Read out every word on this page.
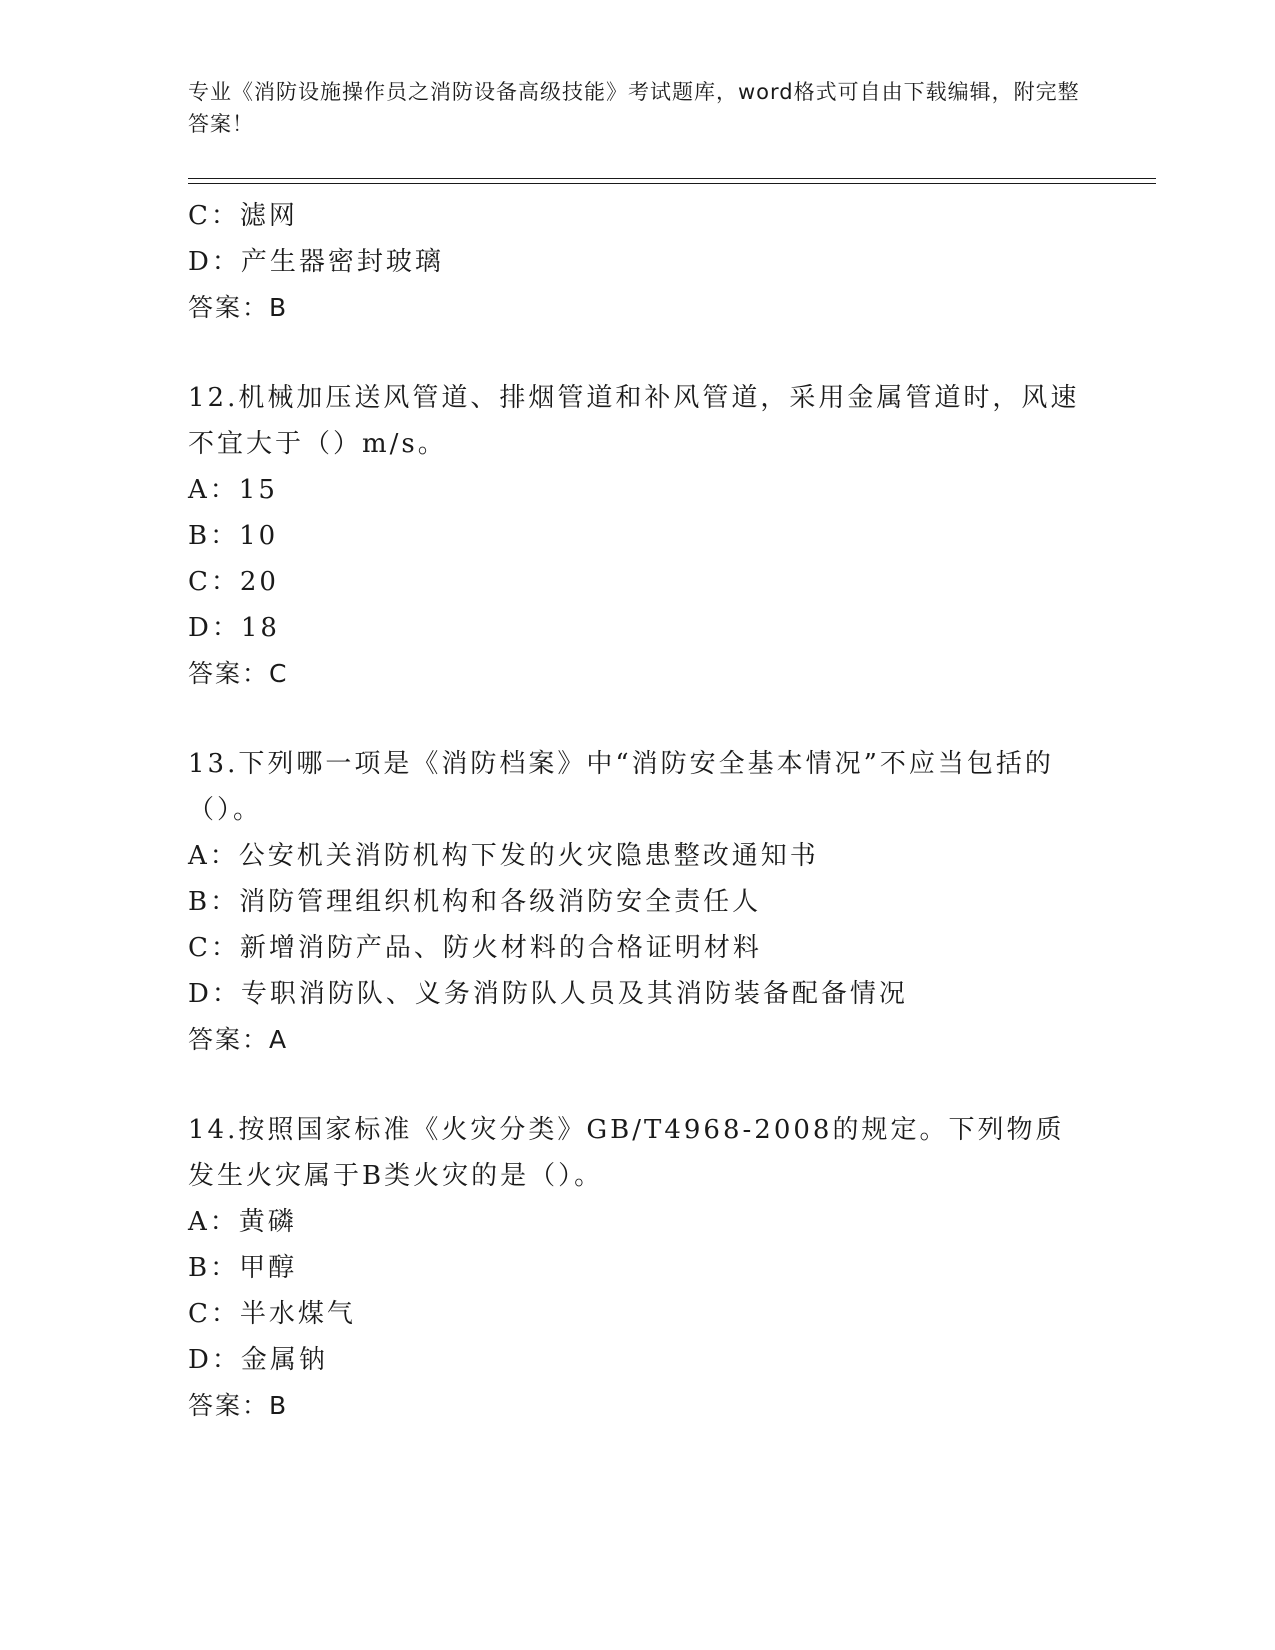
专业《消防设施操作员之消防设备高级技能》考试题库，word格式可自由下载编辑，附完整答案！
C：滤网
D：产生器密封玻璃
答案：B
12.机械加压送风管道、排烟管道和补风管道，采用金属管道时，风速不宜大于（）m/s。
A：15
B：10
C：20
D：18
答案：C
13.下列哪一项是《消防档案》中“消防安全基本情况”不应当包括的（）。
A：公安机关消防机构下发的火灾隐患整改通知书
B：消防管理组织机构和各级消防安全责任人
C：新增消防产品、防火材料的合格证明材料
D：专职消防队、义务消防队人员及其消防装备配备情况
答案：A
14.按照国家标准《火灾分类》GB/T4968-2008的规定。下列物质发生火灾属于B类火灾的是（）。
A：黄磷
B：甲醇
C：半水煤气
D：金属钠
答案：B
